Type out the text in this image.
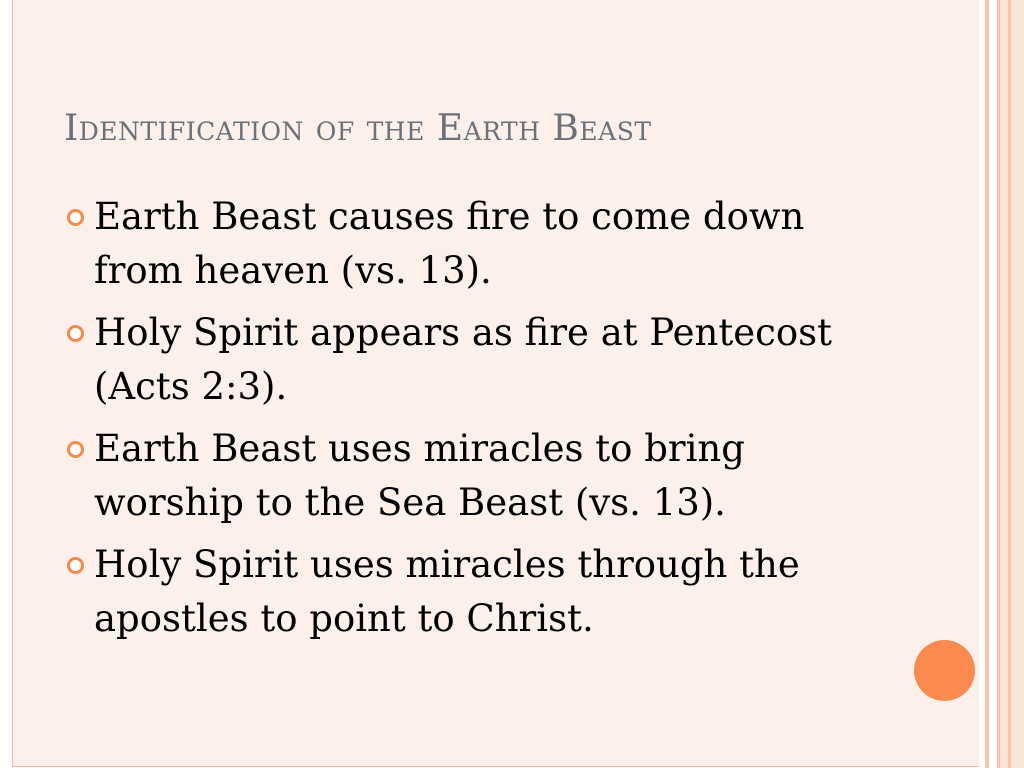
Identification of the Earth Beast
Earth Beast causes fire to come down from heaven (vs. 13).
Holy Spirit appears as fire at Pentecost (Acts 2:3).
Earth Beast uses miracles to bring worship to the Sea Beast (vs. 13).
Holy Spirit uses miracles through the apostles to point to Christ.
